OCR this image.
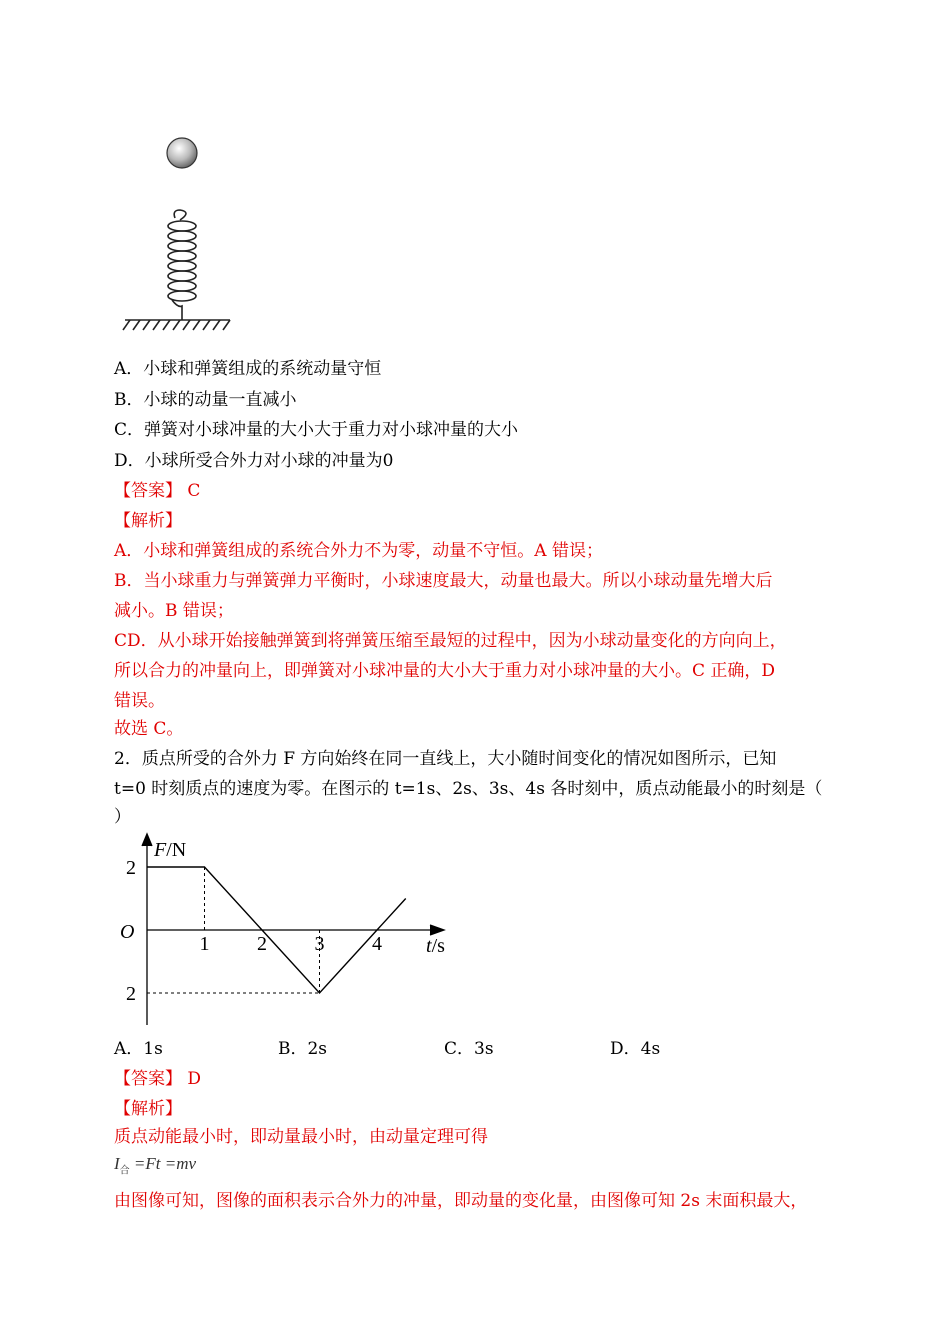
A．小球和弹簧组成的系统动量守恒
B．小球的动量一直减小
C．弹簧对小球冲量的大小大于重力对小球冲量的大小
D．小球所受合外力对小球的冲量为0
【答案】 C
【解析】
A．小球和弹簧组成的系统合外力不为零，动量不守恒。A 错误；
B．当小球重力与弹簧弹力平衡时，小球速度最大，动量也最大。所以小球动量先增大后
减小。B 错误；
CD．从小球开始接触弹簧到将弹簧压缩至最短的过程中，因为小球动量变化的方向向上，
所以合力的冲量向上，即弹簧对小球冲量的大小大于重力对小球冲量的大小。C 正确，D
错误。
故选 C。
2．质点所受的合外力 F 方向始终在同一直线上，大小随时间变化的情况如图所示，已知
t=0 时刻质点的速度为零。在图示的 t=1s、2s、3s、4s 各时刻中，质点动能最小的时刻是（
）
F/N
t/s
O
1 2 3 4
2
2
A．1s	B．2s	C．3s	D．4s
【答案】 D
【解析】
质点动能最小时，即动量最小时，由动量定理可得
$I_合 =Ft =mv$
由图像可知，图像的面积表示合外力的冲量，即动量的变化量，由图像可知 2s 末面积最大，
